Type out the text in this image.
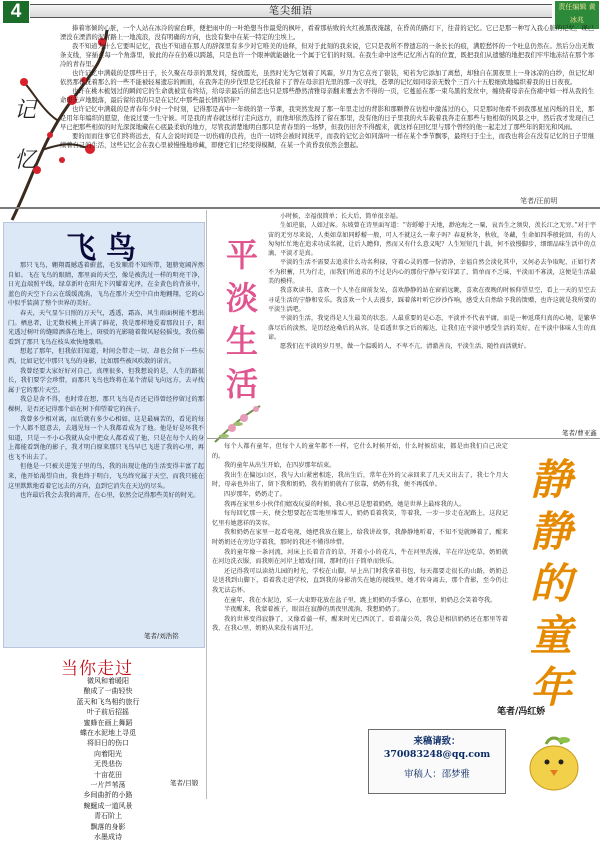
4	笔尖细语	责任编辑 黄冰兆
记忆

捧着寒倾的心脏，一个人站在冰冷的窗台畔，便把雨中的一叶绝想当作最爱的枫叶，看着那枯败的火红被黑夜淹越，在昏黄的路灯下，往昔的记忆。它已是那一种写入我心脏的记忆，现已湮没在湮潜的泥青路上一地流浪，没有明确的方向，也没有集中在某一特定的尘埃上。

我不知道为什么它要叫记忆，我也不知道在那人的辞深里有多少对它唯美的诠释，但对于此刻的我来说，它只是我所不曾遗忘的一条长长的痕，满腔愁怀的一个吐息仍然在。然后分出无数条支线，穿插在每一个角落里，彼此的存在仍难以跨越，只是也许一个眼神就能融化一个属于它们的时刻。在我生命中这些记忆所占有的位置，既把我们从遗憾的地把我们牢牢地冻结在那个寒冷的青春里。

也许记忆中满载的是那些日子，长久聚在母亲的黑发间，绽放霞光，虽然时光为它划着了风霜，岁月为它点亮了银装，宛若为它添加了离愁，却独自在黑夜里上一身冰凉的白纱，但记忆却依然那样抚着那么的一些不能被轻易遗忘的画面，在我奔走的步伐里是它托我留下了曾在母亲泪光里的那一次寻找，苍翠的记忆如同母亲无数个三百六十五般细致地编织着我的日日夜夜。

也许在桃木梳划过的瞬间它的生命就被宣布终结，给母亲最后的留恋也只是那些静然清雅母亲翻来覆去舍不得的一页，它蔓延在那一束乌黑的发丝中，缠绕着母亲在伤痛中如一样从我的生命里无声地脱落，最后留给我的只是在记忆中那些最长情的陪伴？

也许记忆中满载的是青春年少时一个时刻，记得那是高中一年级的第一节课，我突然发现了那一年里走过的背影和那颗曾在彷徨中激荡过的心，只是那时他看不到我那星星闪烁的目光，那是用年年编织的愿望，他说过要一生守候。可是我的青春就这样行走向远方，而他却依然选择了留在那里，没有他的日子里我的火车载着我奔走在那些与他相似的风景之中，然后我才发现自己早已把那些相似的时光深深地藏在心底最柔软的地方，尽管我清楚地明白那只是青春里的一场梦，但我仍旧舍不得醒来，就这样在回忆里与那个曾经的他一起走过了那些年的阳光和风雨。

要的而而往事它们终将远去，有人会说时间是一切伤痛的良药，也许一切终会被时间抚平，而我的记忆会如同落叶一样在某个季节飘零，最终归于尘土，而我也将会在没有记忆的日子里继续着自己的生活，这些记忆会在我心里被慢慢地珍藏，即便它们已经变得模糊，在某一个黄昏我依然会想起。

笔者/汪前明
飞鸟

那只飞鸟，翱翔震撼透着蔚蓝，毛发顺滑不知所带，翅膀宽阔浑然自如。飞在飞鸟的眼睛，那里面的天空，像是被洗过一样的明亮干净，日光直端照平线，绿草新叶在阳光下闪耀着光泽，在金黄色的背景中，蓝色的天空下白云在缓缓流淌，飞鸟在那片天空中自由地翱翔，它的心中似乎装满了整个世界的美好。

春天，天气显乍日照的万天气，透透，霜冻，风生雨面树能不想出门。栖息者，让无数枝桃上开满了鲜花，我是那样地爱着那段日子，阳光透过树叶的缝隙洒落在地上，斑驳的光影随着微风轻轻摇曳，我仿佛看到了那只飞鸟在枝头欢快地歌唱。

想起了那年，但我依旧知道，时间会带走一切，却也会留下一些东西，比如记忆中那只飞鸟的身影，比如那些被风吹散的诺言。

我曾经要大家好好对自己，真理很多，但我想说的是，人生的路很长，我们要学会珍惜，而那只飞鸟也终将在某个清晨飞向远方，去寻找属于它的那片天空。

我总是舍不得，也时常在想，那只飞鸟是否还记得曾经停留过的那棵树，是否还记得那个站在树下仰望着它的孩子。

我曾多少相对离，而后就有多少心相如。这是最痛苦的，看见的每一个人都不愿意去，去遇见每一个人我都看成为了他。他是好是坏我不知道，只是一不小心我就从众中把众人都看成了他，只是在每个人的身上都能看到他的影子，我才明白原来那只飞鸟早已飞进了我的心里，再也飞不出去了。

但他是一只被关进笼子里的鸟，我的出现让他的生活变得丰富了起来，他开始渴望自由，我也终于明白，飞鸟终究属于天空，而我只能在这里默默地看着它远去的方向，直到它消失在天边的尽头。

也许最后我会去我的离开，在心里，依然会记得那些美好的时光。

笔者/刘浩铭
当你走过
微风和着暖阳
酿成了一曲轻快
蓝天和飞鸟相约旅行
叶子前后招摇
蜜蜂在画上舞蹈
蝶在水泥地上寻觅
将旧日的伤口
向着阳光
无畏悲伤
十亩花田
一片芦苇荡
乡间曲折的小路
蜿蜒成一道风景
青石阶上
飘落的身影
水墨成诗
笔者/目锻
平淡生活

小时候，幸福很简单；长大后，简单很幸福。

生如逆旅，人如过客。东坡曾在诗里面写道：“寄蜉蝣于天地，渺沧海之一粟，哀吾生之须臾，羡长江之无穷。”对于宇宙的无穷尽来说，人类如草如同蜉蝣一般，可人不就这么一辈子吗？春夏秋冬，秋收，冬藏，生命如四季般轮回，有的人匆匆忙忙地在追求功成名就，让后人瞻仰，然而又有什么意义呢？人生短短几十载，何不放慢脚步，细细品味生活中的点滴，平淡才是真。

平淡的生活不需要去追求什么功名利禄，守着心灵的那一份清净，幸福自然会淡化其中，又何必去争取呢，正如行者不为积蓄，只为行走，而我们所追求的不过是内心的那份宁静与安详罢了，简单而不乏味，平淡而不寡淡，这便是生活最美的模样。

我喜欢读书，喜欢一个人坐在窗前发呆，喜欢静静的站在窗前远眺，喜欢在夜晚的时候仰望星空，看上一天的星空去寻觅生活的宁静和安乐。我喜欢一个人去漫步，踩着落叶听它沙沙作响，感受大自然给予我的馈赠，也许这就是我所要的平淡生活吧。

平淡的生活，我觉得是人生最美的状态。人最重要的是心态，平淡并不代表平庸，而是一种返璞归真的心境，是繁华落尽后的淡然，是历经沧桑后的从容，是看透世事之后的豁达，让我们在平淡中感受生活的美好，在平淡中体味人生的真谛。

愿我们在平淡的岁月里，做一个温暖的人，不卑不亢，清澈善良，平淡生活，随性而活就好。

笔者/曹亚鑫

每个人都有童年，但每个人的童年都不一样，它什么时候开始，什么时候结束，都是由我们自己决定的。

我的童年从出生开始，在四岁那年结束。

我出生在偏远山区，我与大山紧密相连，我出生后，常年在外的父亲回来了几天又出去了，我七个月大时，母亲也外出了，留下我和奶奶，我有奶奶就有了依靠，奶奶有我，便不再孤单。

四岁那年，奶奶走了。

我再在家里乡小伙伴们嬉戏玩耍的时候，我心里总是想着奶奶，她是世界上最疼我的人。

每每回忆那一天，便会想要起在雪地里堆雪人，奶奶看着我笑，等着我，一步一步走在泥路上，这段记忆里有她慈祥的笑容。

我和奶奶在家里一起看电视，她把我放在腿上，给我讲故事，我静静地听着，不知不觉就睡着了，醒来时奶奶还在旁边守着我，那时的我还不懂得珍惜。

我的童年像一条河流，河床上长着青青的草，开着小小的花儿，牛在河里洗澡，羊在岸边吃草，奶奶就在河边洗衣服，而我则在河岸上嬉戏打闹，那时的日子简单而快乐。

还记得我可以读幼儿园的时光，学校在山脚，早上出门时我拿着书包，每天都要走很长的山路，奶奶总是送我到山脚下，看着我走进学校，直到我的身影消失在她的视线里，她才转身离去，那个背影，至今仍让我无法忘怀。

在童年，我在水泥边，采一大束野花放在盆子里，跳上奶奶的手掌心，在那里，奶奶总会笑着夸我。

半夜醒来，我蒙着被子，眼泪在寂静的黑夜里流淌，我想奶奶了。

我的世界变得寂静了，又像看蒲一样，醒来时光已西沉了，看着蒲公英，我总是相信奶奶还在那里等着我，在我心里，奶奶从来没有离开过。

静静的童年
笔者/冯红娇
来稿请致：
370083248@qq.com
审稿人：邵梦雅
